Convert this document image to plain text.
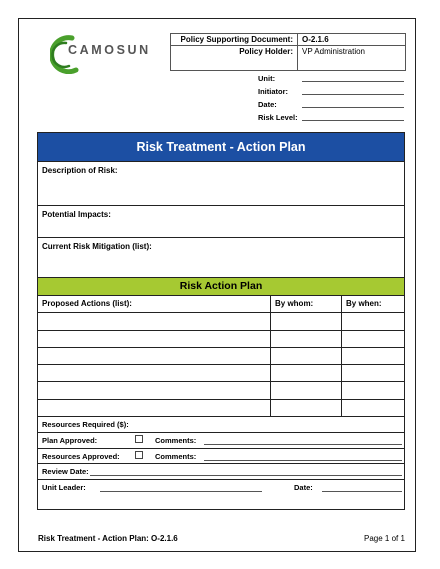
CAMOSUN
Policy Supporting Document:	O-2.1.6
Policy Holder:	VP Administration
Unit:
Initiator:
Date:
Risk Level:
Risk Treatment - Action Plan
Description of Risk:
Potential Impacts:
Current Risk Mitigation (list):
Risk Action Plan
Proposed Actions (list):	By whom:	By when:
Resources Required ($):
Plan Approved:	Comments:
Resources Approved:	Comments:
Review Date:
Unit Leader:	Date:
Risk Treatment - Action Plan: O-2.1.6	Page 1 of 1
